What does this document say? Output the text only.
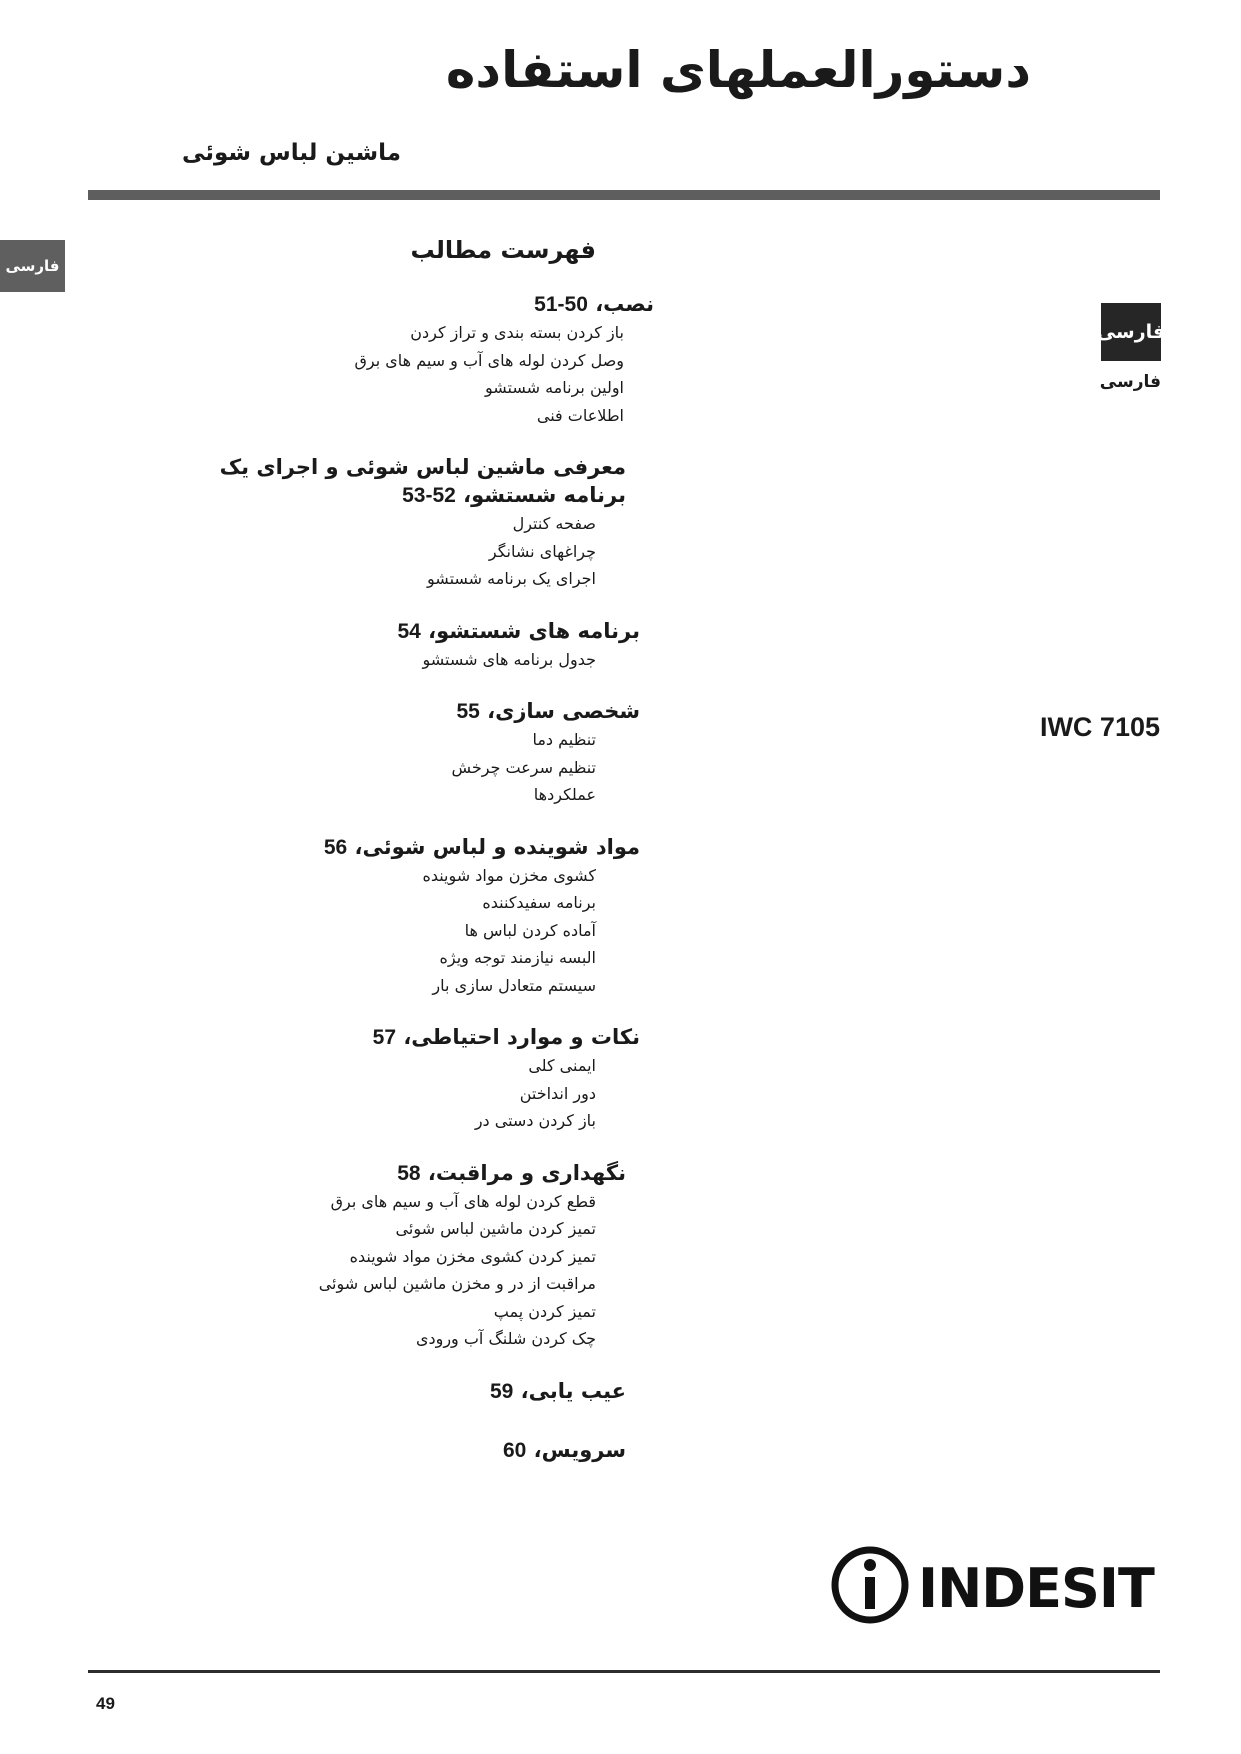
دستورالعملهای استفاده
ماشین لباس شوئی
فارسی
فارسی
فارسی
IWC 7105
فهرست مطالب
نصب، 50-51
باز کردن بسته بندی و تراز کردن
وصل کردن لوله های آب و سیم های برق
اولین برنامه شستشو
اطلاعات فنی
معرفی ماشین لباس شوئی و اجرای یک برنامه شستشو، 52-53
صفحه کنترل
چراغهای نشانگر
اجرای یک برنامه شستشو
برنامه های شستشو، 54
جدول برنامه های شستشو
شخصی سازی، 55
تنظیم دما
تنظیم سرعت چرخش
عملکردها
مواد شوینده و لباس شوئی، 56
کشوی مخزن مواد شوینده
برنامه سفیدکننده
آماده کردن لباس ها
البسه نیازمند توجه ویژه
سیستم متعادل سازی بار
نکات و موارد احتیاطی، 57
ایمنی کلی
دور انداختن
باز کردن دستی در
نگهداری و مراقبت، 58
قطع کردن لوله های آب و سیم های برق
تمیز کردن ماشین لباس شوئی
تمیز کردن کشوی مخزن مواد شوینده
مراقبت از در و مخزن ماشین لباس شوئی
تمیز کردن پمپ
چک کردن شلنگ آب ورودی
عیب یابی، 59
سرویس، 60
INDESIT
49
